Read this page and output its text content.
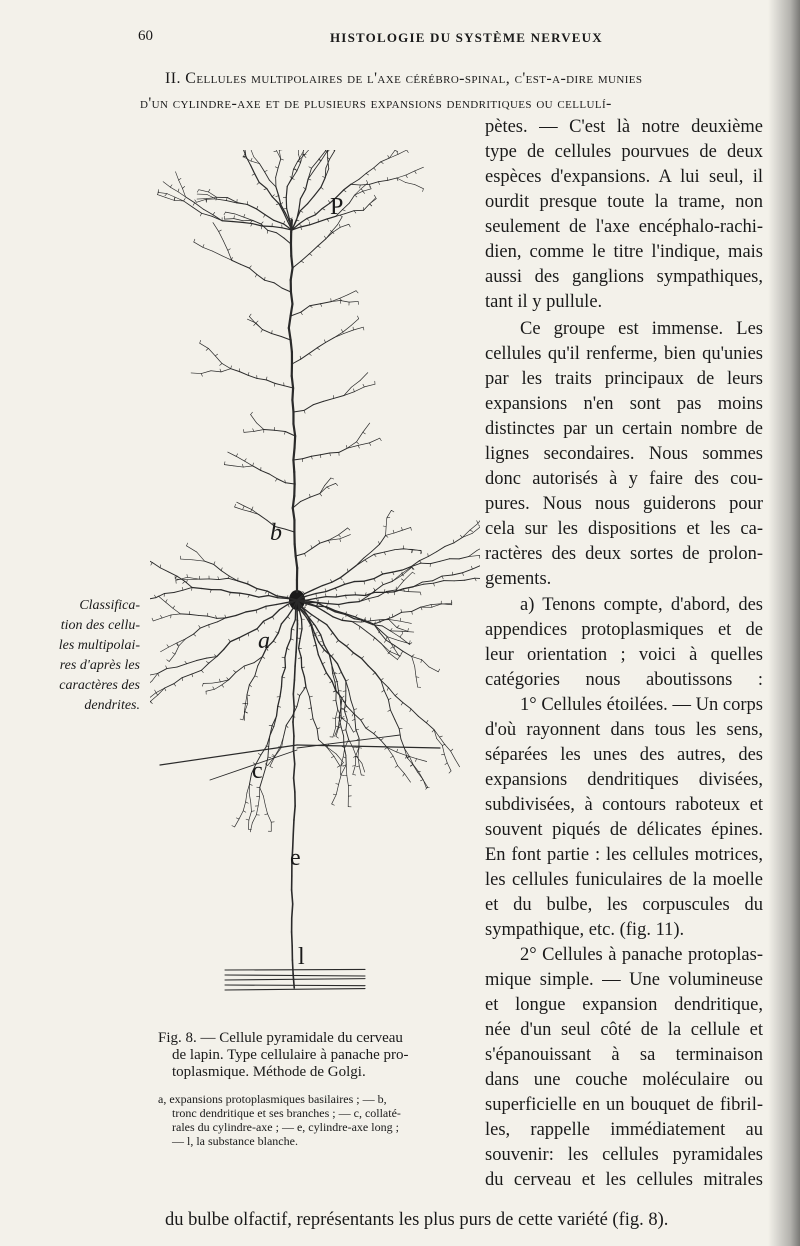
60	HISTOLOGIE DU SYSTÈME NERVEUX
II. Cellules multipolaires de l'axe cérébro-spinal, c'est-a-dire munies
d'un cylindre-axe et de plusieurs expansions dendritiques ou cellulí-
pètes. — C'est là notre deuxième
type de cellules pourvues de deux
espèces d'expansions. A lui seul, il
ourdit presque toute la trame, non
seulement de l'axe encéphalo-rachi-
dien, comme le titre l'indique, mais
aussi des ganglions sympathiques,
tant il y pullule.
Ce groupe est immense. Les
cellules qu'il renferme, bien qu'unies
par les traits principaux de leurs
expansions n'en sont pas moins
distinctes par un certain nombre de
lignes secondaires. Nous sommes
donc autorisés à y faire des cou-
pures. Nous nous guiderons pour
cela sur les dispositions et les ca-
ractères des deux sortes de prolon-
gements.
a) Tenons compte, d'abord, des
appendices protoplasmiques et de
leur orientation ; voici à quelles
catégories nous aboutissons :
1° Cellules étoilées. — Un corps
d'où rayonnent dans tous les sens,
séparées les unes des autres, des
expansions dendritiques divisées,
subdivisées, à contours raboteux et
souvent piqués de délicates épines.
En font partie : les cellules motrices,
les cellules funiculaires de la moelle
et du bulbe, les corpuscules du
sympathique, etc. (fig. 11).
2° Cellules à panache protoplas-
mique simple. — Une volumineuse
et longue expansion dendritique,
née d'un seul côté de la cellule et
s'épanouissant à sa terminaison
dans une couche moléculaire ou
superficielle en un bouquet de fibril-
les, rappelle immédiatement au
souvenir: les cellules pyramidales
du cerveau et les cellules mitrales
du bulbe olfactif, représentants les plus purs de cette variété (fig. 8).
Classifica-
tion des cellu-
les multipolai-
res d'après les
caractères des
dendrites.
P
b
a
c
e
l
Fig. 8. — Cellule pyramidale du cerveau
de lapin. Type cellulaire à panache pro-
toplasmique. Méthode de Golgi.
a, expansions protoplasmiques basilaires ; — b,
tronc dendritique et ses branches ; — c, collaté-
rales du cylindre-axe ; — e, cylindre-axe long ;
— l, la substance blanche.
